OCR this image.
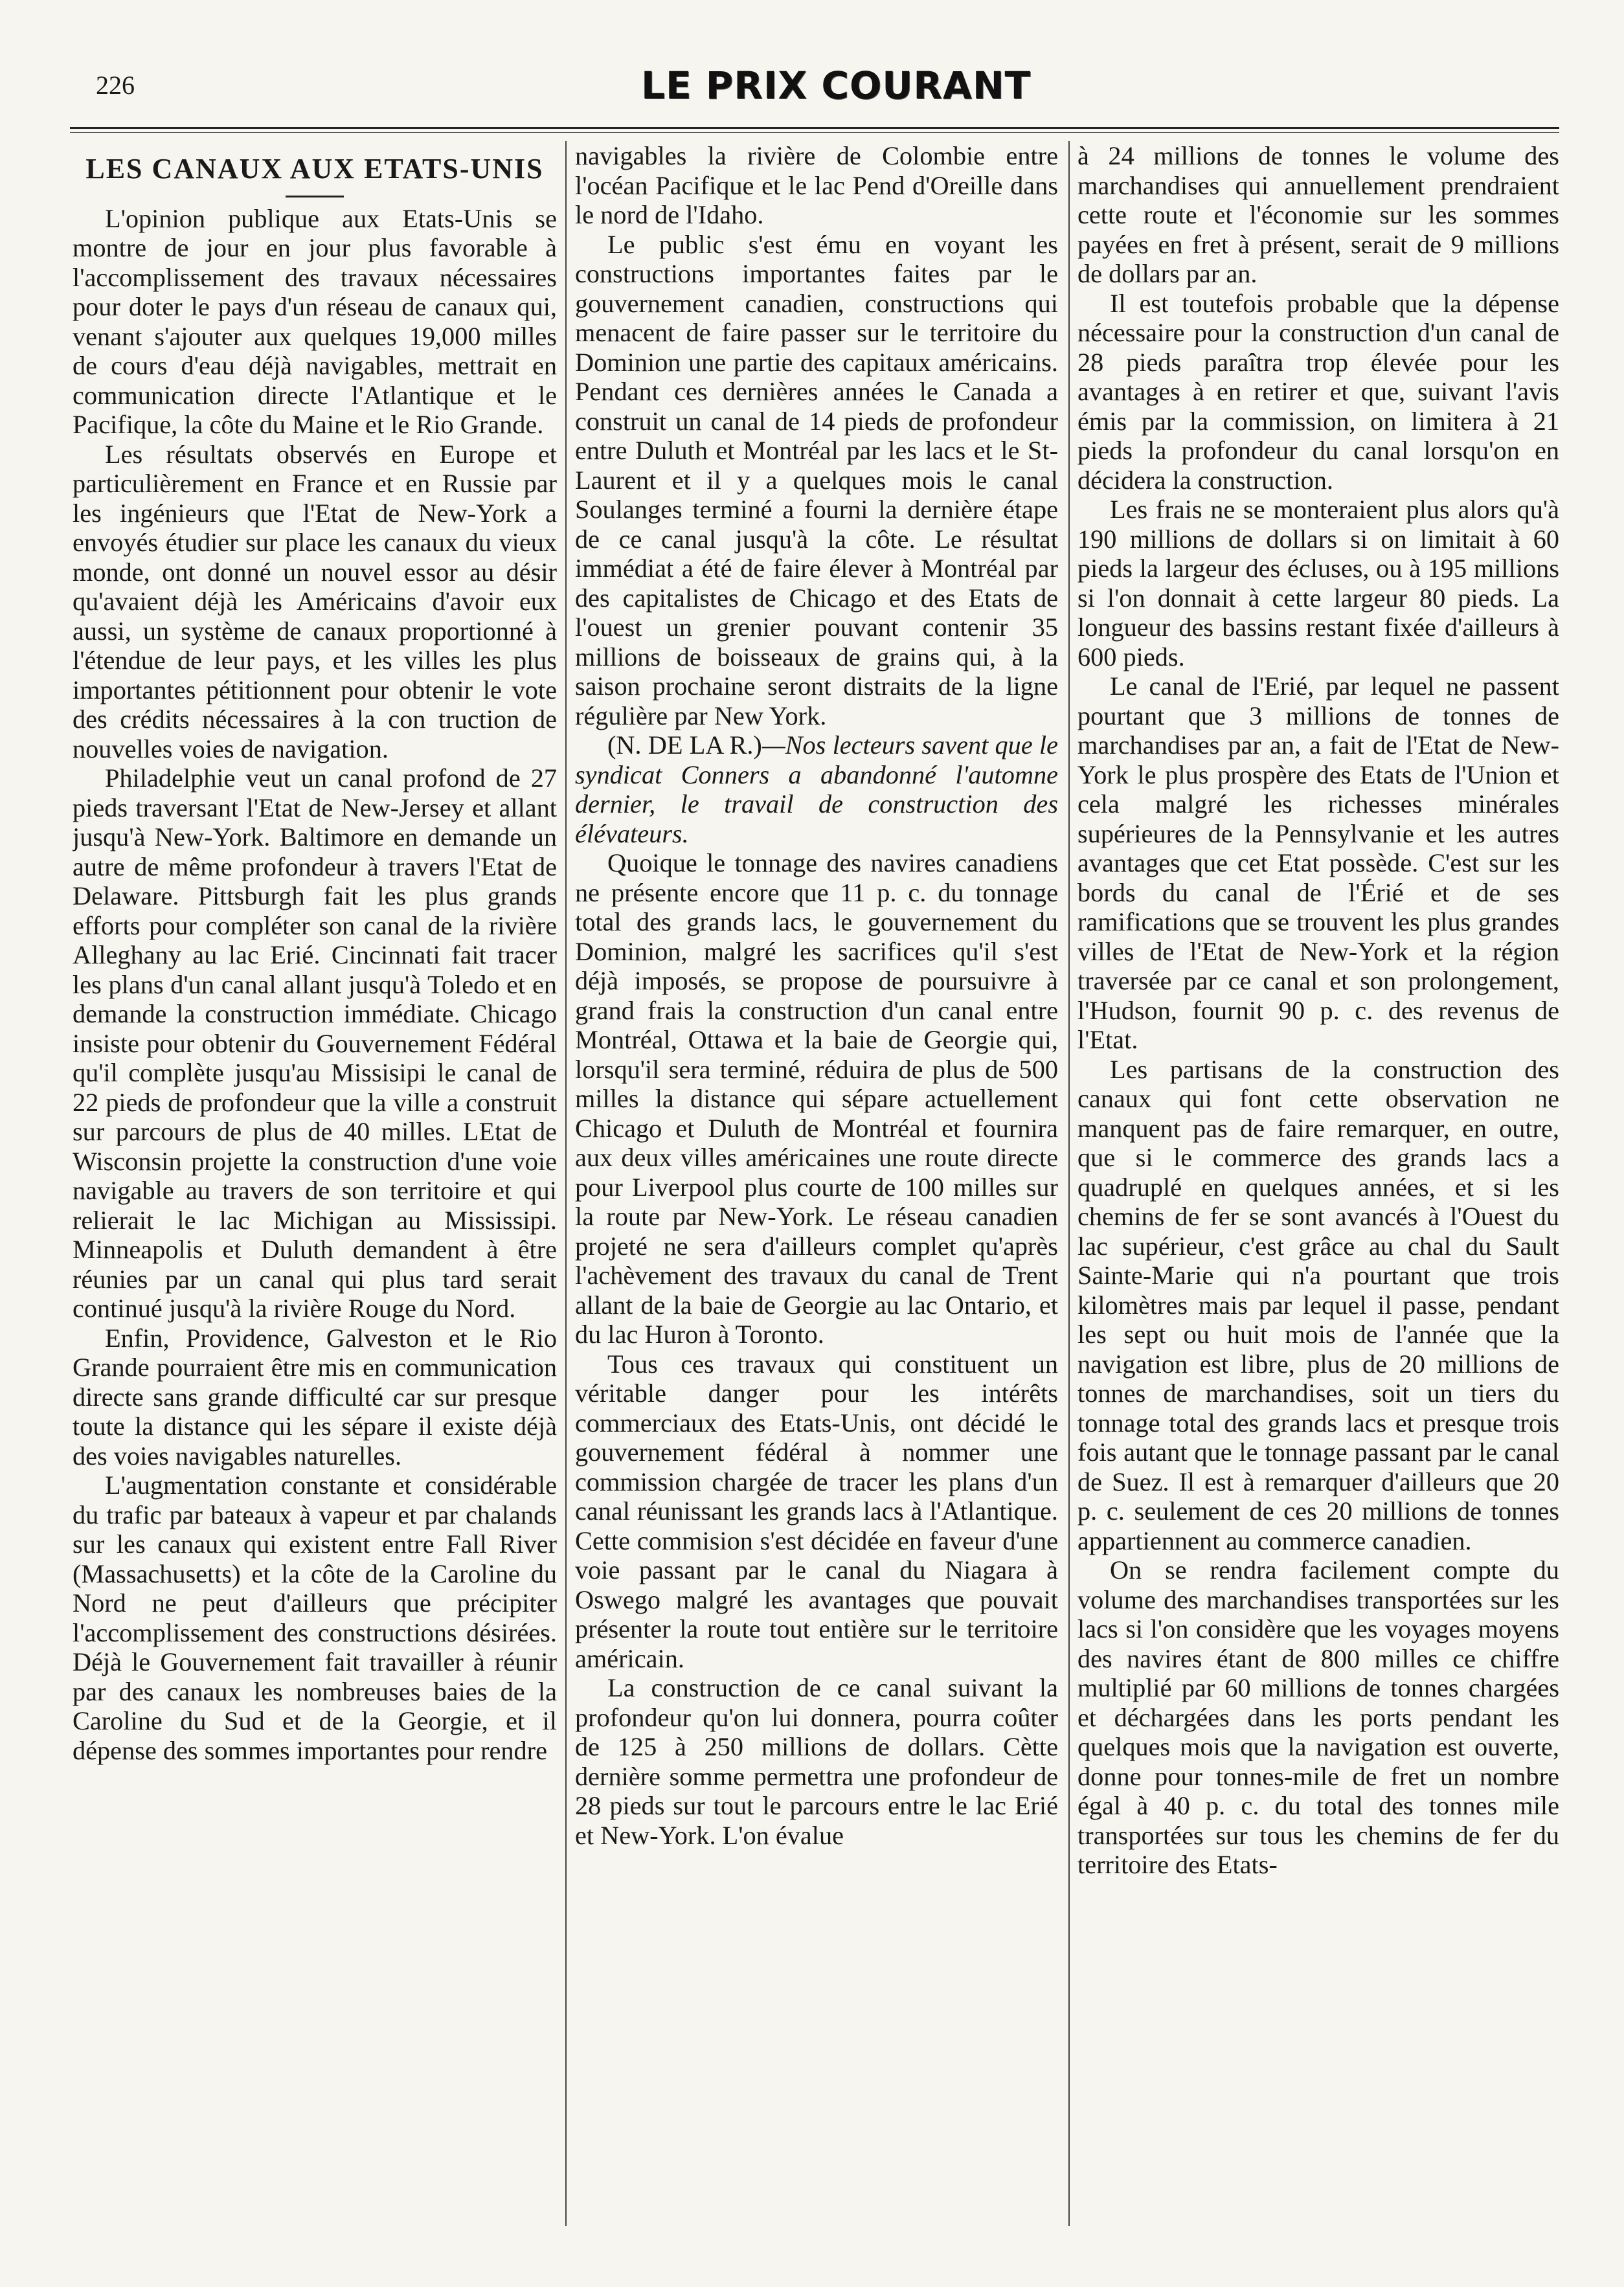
226	LE PRIX COURANT
LES CANAUX AUX ETATS-UNIS

L'opinion publique aux Etats-Unis se montre de jour en jour plus favorable à l'accomplissement des travaux nécessaires pour doter le pays d'un réseau de canaux qui, venant s'ajouter aux quelques 19,000 milles de cours d'eau déjà navigables, mettrait en communication directe l'Atlantique et le Pacifique, la côte du Maine et le Rio Grande.

Les résultats observés en Europe et particulièrement en France et en Russie par les ingénieurs que l'Etat de New-York a envoyés étudier sur place les canaux du vieux monde, ont donné un nouvel essor au désir qu'avaient déjà les Américains d'avoir eux aussi, un système de canaux proportionné à l'étendue de leur pays, et les villes les plus importantes pétitionnent pour obtenir le vote des crédits nécessaires à la con truction de nouvelles voies de navigation.

Philadelphie veut un canal profond de 27 pieds traversant l'Etat de New-Jersey et allant jusqu'à New-York. Baltimore en demande un autre de même profondeur à travers l'Etat de Delaware. Pittsburgh fait les plus grands efforts pour compléter son canal de la rivière Alleghany au lac Erié. Cincinnati fait tracer les plans d'un canal allant jusqu'à Toledo et en demande la construction immédiate. Chicago insiste pour obtenir du Gouvernement Fédéral qu'il complète jusqu'au Missisipi le canal de 22 pieds de profondeur que la ville a construit sur parcours de plus de 40 milles. LEtat de Wisconsin projette la construction d'une voie navigable au travers de son territoire et qui relierait le lac Michigan au Mississipi. Minneapolis et Duluth demandent à être réunies par un canal qui plus tard serait continué jusqu'à la rivière Rouge du Nord.

Enfin, Providence, Galveston et le Rio Grande pourraient être mis en communication directe sans grande difficulté car sur presque toute la distance qui les sépare il existe déjà des voies navigables naturelles.

L'augmentation constante et considérable du trafic par bateaux à vapeur et par chalands sur les canaux qui existent entre Fall River (Massachusetts) et la côte de la Caroline du Nord ne peut d'ailleurs que précipiter l'accomplissement des constructions désirées. Déjà le Gouvernement fait travailler à réunir par des canaux les nombreuses baies de la Caroline du Sud et de la Georgie, et il dépense des sommes importantes pour rendre

navigables la rivière de Colombie entre l'océan Pacifique et le lac Pend d'Oreille dans le nord de l'Idaho.

Le public s'est ému en voyant les constructions importantes faites par le gouvernement canadien, constructions qui menacent de faire passer sur le territoire du Dominion une partie des capitaux américains. Pendant ces dernières années le Canada a construit un canal de 14 pieds de profondeur entre Duluth et Montréal par les lacs et le St-Laurent et il y a quelques mois le canal Soulanges terminé a fourni la dernière étape de ce canal jusqu'à la côte. Le résultat immédiat a été de faire élever à Montréal par des capitalistes de Chicago et des Etats de l'ouest un grenier pouvant contenir 35 millions de boisseaux de grains qui, à la saison prochaine seront distraits de la ligne régulière par New York.

(N. DE LA R.)—Nos lecteurs savent que le syndicat Conners a abandonné l'automne dernier, le travail de construction des élévateurs.

Quoique le tonnage des navires canadiens ne présente encore que 11 p. c. du tonnage total des grands lacs, le gouvernement du Dominion, malgré les sacrifices qu'il s'est déjà imposés, se propose de poursuivre à grand frais la construction d'un canal entre Montréal, Ottawa et la baie de Georgie qui, lorsqu'il sera terminé, réduira de plus de 500 milles la distance qui sépare actuellement Chicago et Duluth de Montréal et fournira aux deux villes américaines une route directe pour Liverpool plus courte de 100 milles sur la route par New-York. Le réseau canadien projeté ne sera d'ailleurs complet qu'après l'achèvement des travaux du canal de Trent allant de la baie de Georgie au lac Ontario, et du lac Huron à Toronto.

Tous ces travaux qui constituent un véritable danger pour les intérêts commerciaux des Etats-Unis, ont décidé le gouvernement fédéral à nommer une commission chargée de tracer les plans d'un canal réunissant les grands lacs à l'Atlantique. Cette commision s'est décidée en faveur d'une voie passant par le canal du Niagara à Oswego malgré les avantages que pouvait présenter la route tout entière sur le territoire américain.

La construction de ce canal suivant la profondeur qu'on lui donnera, pourra coûter de 125 à 250 millions de dollars. Cètte dernière somme permettra une profondeur de 28 pieds sur tout le parcours entre le lac Erié et New-York. L'on évalue

à 24 millions de tonnes le volume des marchandises qui annuellement prendraient cette route et l'économie sur les sommes payées en fret à présent, serait de 9 millions de dollars par an.

Il est toutefois probable que la dépense nécessaire pour la construction d'un canal de 28 pieds paraîtra trop élevée pour les avantages à en retirer et que, suivant l'avis émis par la commission, on limitera à 21 pieds la profondeur du canal lorsqu'on en décidera la construction.

Les frais ne se monteraient plus alors qu'à 190 millions de dollars si on limitait à 60 pieds la largeur des écluses, ou à 195 millions si l'on donnait à cette largeur 80 pieds. La longueur des bassins restant fixée d'ailleurs à 600 pieds.

Le canal de l'Erié, par lequel ne passent pourtant que 3 millions de tonnes de marchandises par an, a fait de l'Etat de New-York le plus prospère des Etats de l'Union et cela malgré les richesses minérales supérieures de la Pennsylvanie et les autres avantages que cet Etat possède. C'est sur les bords du canal de l'Érié et de ses ramifications que se trouvent les plus grandes villes de l'Etat de New-York et la région traversée par ce canal et son prolongement, l'Hudson, fournit 90 p. c. des revenus de l'Etat.

Les partisans de la construction des canaux qui font cette observation ne manquent pas de faire remarquer, en outre, que si le commerce des grands lacs a quadruplé en quelques années, et si les chemins de fer se sont avancés à l'Ouest du lac supérieur, c'est grâce au chal du Sault Sainte-Marie qui n'a pourtant que trois kilomètres mais par lequel il passe, pendant les sept ou huit mois de l'année que la navigation est libre, plus de 20 millions de tonnes de marchandises, soit un tiers du tonnage total des grands lacs et presque trois fois autant que le tonnage passant par le canal de Suez. Il est à remarquer d'ailleurs que 20 p. c. seulement de ces 20 millions de tonnes appartiennent au commerce canadien.

On se rendra facilement compte du volume des marchandises transportées sur les lacs si l'on considère que les voyages moyens des navires étant de 800 milles ce chiffre multiplié par 60 millions de tonnes chargées et déchargées dans les ports pendant les quelques mois que la navigation est ouverte, donne pour tonnes-mile de fret un nombre égal à 40 p. c. du total des tonnes mile transportées sur tous les chemins de fer du territoire des Etats-
